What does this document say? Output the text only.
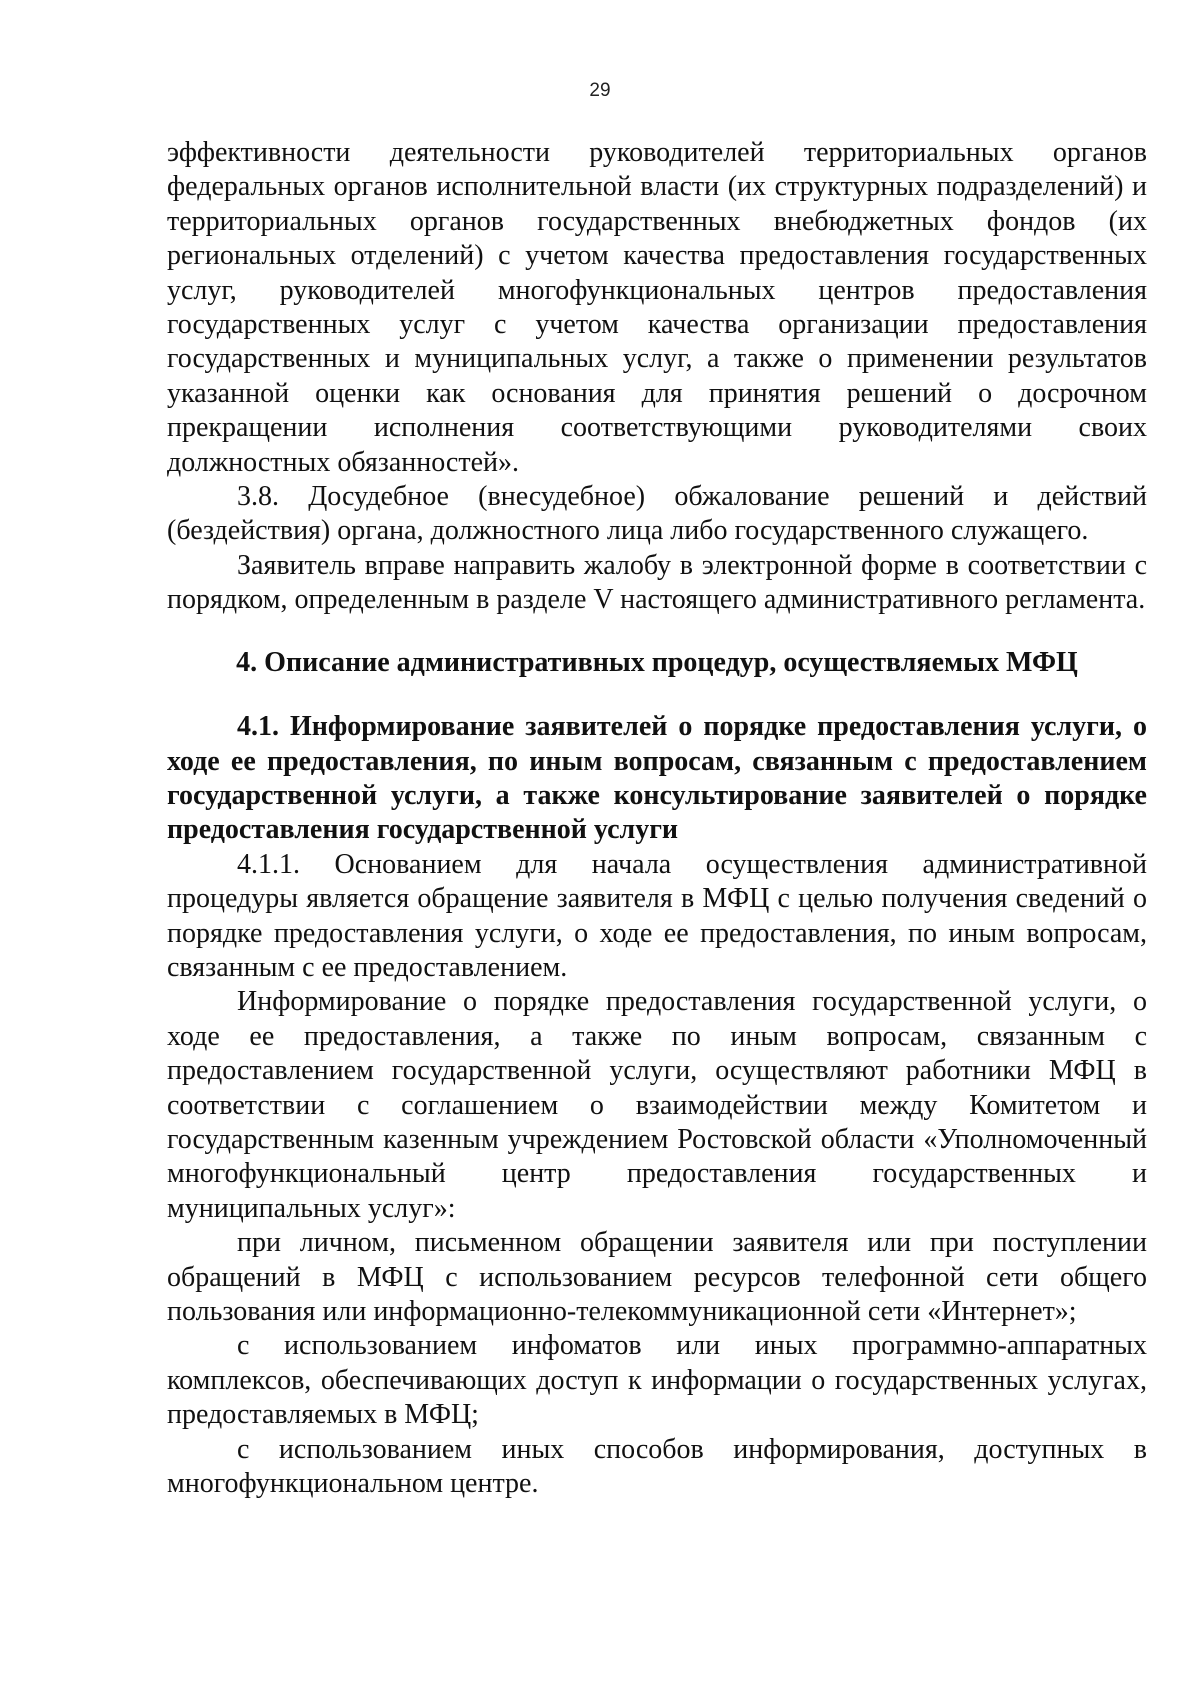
29

эффективности деятельности руководителей территориальных органов федеральных органов исполнительной власти (их структурных подразделений) и территориальных органов государственных внебюджетных фондов (их региональных отделений) с учетом качества предоставления государственных услуг, руководителей многофункциональных центров предоставления государственных услуг с учетом качества организации предоставления государственных и муниципальных услуг, а также о применении результатов указанной оценки как основания для принятия решений о досрочном прекращении исполнения соответствующими руководителями своих должностных обязанностей».

3.8. Досудебное (внесудебное) обжалование решений и действий (бездействия) органа, должностного лица либо государственного служащего.

Заявитель вправе направить жалобу в электронной форме в соответствии с порядком, определенным в разделе V настоящего административного регламента.

4. Описание административных процедур, осуществляемых МФЦ
4.1. Информирование заявителей о порядке предоставления услуги, о ходе ее предоставления, по иным вопросам, связанным с предоставлением государственной услуги, а также консультирование заявителей о порядке предоставления государственной услуги

4.1.1. Основанием для начала осуществления административной процедуры является обращение заявителя в МФЦ с целью получения сведений о порядке предоставления услуги, о ходе ее предоставления, по иным вопросам, связанным с ее предоставлением.

Информирование о порядке предоставления государственной услуги, о ходе ее предоставления, а также по иным вопросам, связанным с предоставлением государственной услуги, осуществляют работники МФЦ в соответствии с соглашением о взаимодействии между Комитетом и государственным казенным учреждением Ростовской области «Уполномоченный многофункциональный центр предоставления государственных и муниципальных услуг»:

при личном, письменном обращении заявителя или при поступлении обращений в МФЦ с использованием ресурсов телефонной сети общего пользования или информационно-телекоммуникационной сети «Интернет»;

с использованием инфоматов или иных программно-аппаратных комплексов, обеспечивающих доступ к информации о государственных услугах, предоставляемых в МФЦ;

с использованием иных способов информирования, доступных в многофункциональном центре.
